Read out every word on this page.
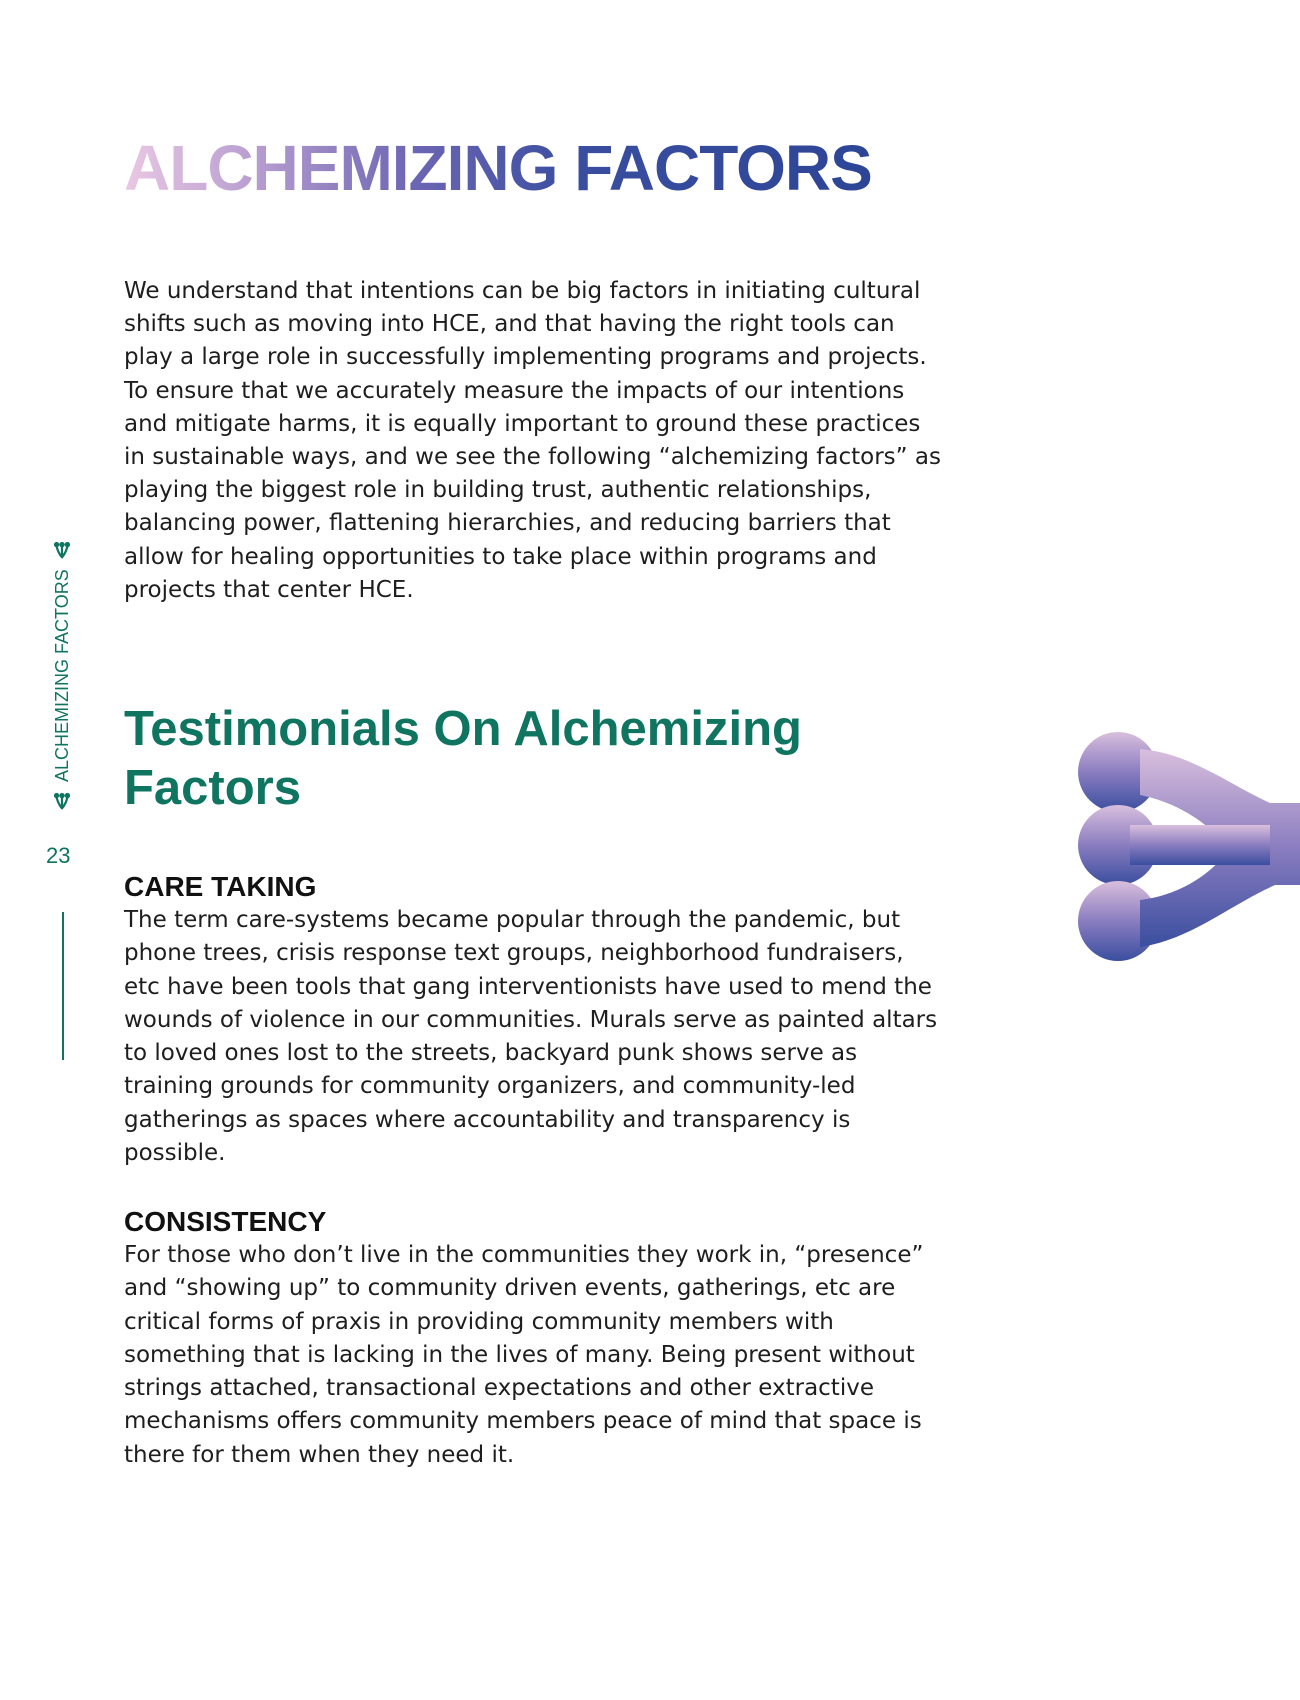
ALCHEMIZING FACTORS

We understand that intentions can be big factors in initiating cultural shifts such as moving into HCE, and that having the right tools can play a large role in successfully implementing programs and projects. To ensure that we accurately measure the impacts of our intentions and mitigate harms, it is equally important to ground these practices in sustainable ways, and we see the following “alchemizing factors” as playing the biggest role in building trust, authentic relationships, balancing power, flattening hierarchies, and reducing barriers that allow for healing opportunities to take place within programs and projects that center HCE.

Testimonials On Alchemizing Factors
CARE TAKING

The term care-systems became popular through the pandemic, but phone trees, crisis response text groups, neighborhood fundraisers, etc have been tools that gang interventionists have used to mend the wounds of violence in our communities. Murals serve as painted altars to loved ones lost to the streets, backyard punk shows serve as training grounds for community organizers, and community-led gatherings as spaces where accountability and transparency is possible.

CONSISTENCY

For those who don’t live in the communities they work in, “presence” and “showing up” to community driven events, gatherings, etc are critical forms of praxis in providing community members with something that is lacking in the lives of many. Being present without strings attached, transactional expectations and other extractive mechanisms offers community members peace of mind that space is there for them when they need it.

ALCHEMIZING FACTORS
23
